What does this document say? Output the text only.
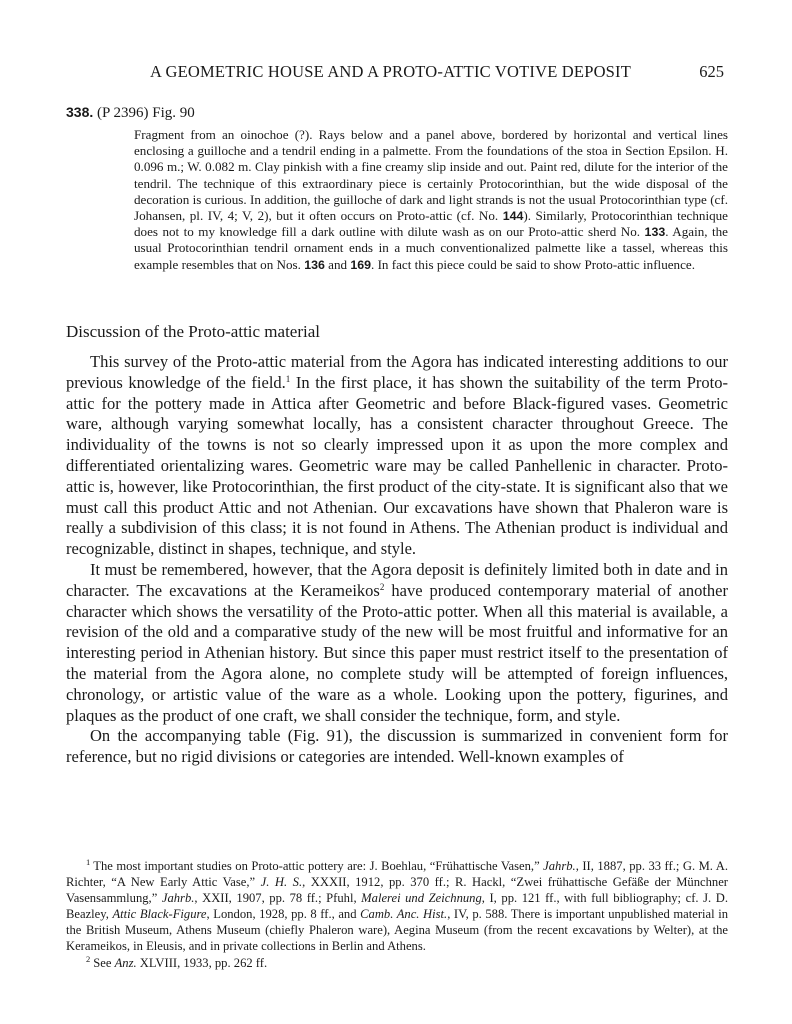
A GEOMETRIC HOUSE AND A PROTO-ATTIC VOTIVE DEPOSIT	625
338. (P 2396) Fig. 90
Fragment from an oinochoe (?). Rays below and a panel above, bordered by horizontal and vertical lines enclosing a guilloche and a tendril ending in a palmette. From the foundations of the stoa in Section Epsilon. H. 0.096 m.; W. 0.082 m. Clay pinkish with a fine creamy slip inside and out. Paint red, dilute for the interior of the tendril. The technique of this extraordinary piece is certainly Protocorinthian, but the wide disposal of the decoration is curious. In addition, the guilloche of dark and light strands is not the usual Protocorinthian type (cf. Johansen, pl. IV, 4; V, 2), but it often occurs on Proto-attic (cf. No. 144). Similarly, Protocorinthian technique does not to my knowledge fill a dark outline with dilute wash as on our Proto-attic sherd No. 133. Again, the usual Protocorinthian tendril ornament ends in a much conventionalized palmette like a tassel, whereas this example resembles that on Nos. 136 and 169. In fact this piece could be said to show Proto-attic influence.
Discussion of the Proto-attic material

This survey of the Proto-attic material from the Agora has indicated interesting additions to our previous knowledge of the field.$^1$ In the first place, it has shown the suitability of the term Proto-attic for the pottery made in Attica after Geometric and before Black-figured vases. Geometric ware, although varying somewhat locally, has a consistent character throughout Greece. The individuality of the towns is not so clearly impressed upon it as upon the more complex and differentiated orientalizing wares. Geometric ware may be called Panhellenic in character. Proto-attic is, however, like Protocorinthian, the first product of the city-state. It is significant also that we must call this product Attic and not Athenian. Our excavations have shown that Phaleron ware is really a subdivision of this class; it is not found in Athens. The Athenian product is individual and recognizable, distinct in shapes, technique, and style.

It must be remembered, however, that the Agora deposit is definitely limited both in date and in character. The excavations at the Kerameikos$^2$ have produced contemporary material of another character which shows the versatility of the Proto-attic potter. When all this material is available, a revision of the old and a comparative study of the new will be most fruitful and informative for an interesting period in Athenian history. But since this paper must restrict itself to the presentation of the material from the Agora alone, no complete study will be attempted of foreign influences, chronology, or artistic value of the ware as a whole. Looking upon the pottery, figurines, and plaques as the product of one craft, we shall consider the technique, form, and style.

On the accompanying table (Fig. 91), the discussion is summarized in convenient form for reference, but no rigid divisions or categories are intended. Well-known examples of

$^1$ The most important studies on Proto-attic pottery are: J. Boehlau, “Frühattische Vasen,” Jahrb., II, 1887, pp. 33 ff.; G. M. A. Richter, “A New Early Attic Vase,” J. H. S., XXXII, 1912, pp. 370 ff.; R. Hackl, “Zwei frühattische Gefäße der Münchner Vasensammlung,” Jahrb., XXII, 1907, pp. 78 ff.; Pfuhl, Malerei und Zeichnung, I, pp. 121 ff., with full bibliography; cf. J. D. Beazley, Attic Black-Figure, London, 1928, pp. 8 ff., and Camb. Anc. Hist., IV, p. 588. There is important unpublished material in the British Museum, Athens Museum (chiefly Phaleron ware), Aegina Museum (from the recent excavations by Welter), at the Kerameikos, in Eleusis, and in private collections in Berlin and Athens.

$^2$ See Anz. XLVIII, 1933, pp. 262 ff.
